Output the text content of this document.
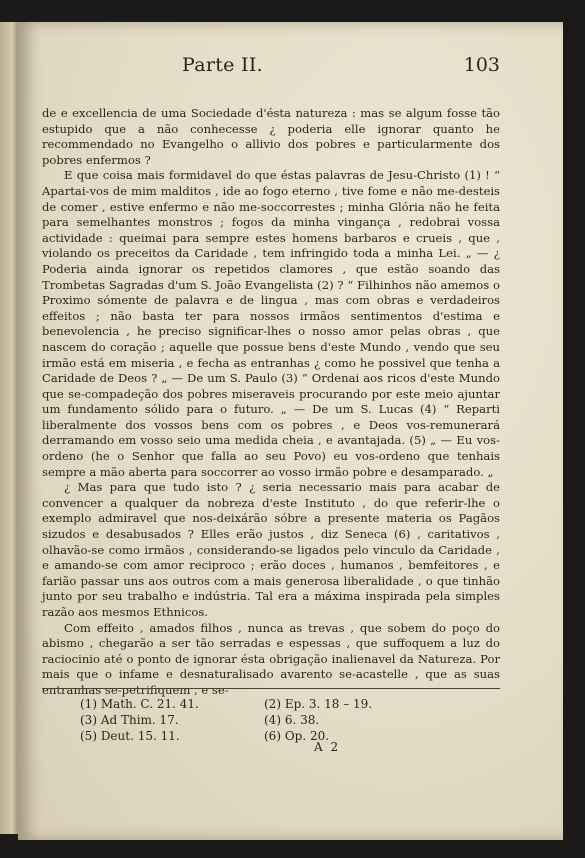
Parte II.	103

de e excellencia de uma Sociedade d'ésta natureza : mas se algum fosse tão estupido que a não conhecesse ¿ poderia elle ignorar quanto he recommendado no Evangelho o allivio dos pobres e particularmente dos pobres enfermos ?

E que coisa mais formidavel do que éstas palavras de Jesu-Christo (1) ! “ Apartai-vos de mim malditos , ide ao fogo eterno , tive fome e não me-desteis de comer , estive enfermo e não me-soccorrestes ; minha Glória não he feita para semelhantes monstros ; fogos da minha vingança , redobrai vossa actividade : queimai para sempre estes homens barbaros e crueis , que , violando os preceitos da Caridade , tem infringido toda a minha Lei. „ — ¿ Poderia ainda ignorar os repetidos clamores , que estão soando das Trombetas Sagradas d'um S. João Evangelista (2) ? “ Filhinhos não amemos o Proximo sómente de palavra e de lingua , mas com obras e verdadeiros effeitos ; não basta ter para nossos irmãos sentimentos d'estima e benevolencia , he preciso significar-lhes o nosso amor pelas obras , que nascem do coração ; aquelle que possue bens d'este Mundo , vendo que seu irmão está em miseria , e fecha as entranhas ¿ como he possivel que tenha a Caridade de Deos ? „ — De um S. Paulo (3) “ Ordenai aos ricos d'este Mundo que se-compadeção dos pobres miseraveis procurando por este meio ajuntar um fundamento sólido para o futuro. „ — De um S. Lucas (4) “ Reparti liberalmente dos vossos bens com os pobres , e Deos vos-remunerará derramando em vosso seio uma medida cheia , e avantajada. (5) „ — Eu vos-ordeno (he o Senhor que falla ao seu Povo) eu vos-ordeno que tenhais sempre a mão aberta para soccorrer ao vosso irmão pobre e desamparado. „

¿ Mas para que tudo isto ? ¿ seria necessario mais para acabar de convencer a qualquer da nobreza d'este Instituto , do que referir-lhe o exemplo admiravel que nos-deixárão sóbre a presente materia os Pagãos sizudos e desabusados ? Elles erão justos , diz Seneca (6) , caritativos , olhavão-se como irmãos , considerando-se ligados pelo vinculo da Caridade , e amando-se com amor reciproco ; erão doces , humanos , bemfeitores , e farião passar uns aos outros com a mais generosa liberalidade , o que tinhão junto por seu trabalho e indústria. Tal era a máxima inspirada pela simples razão aos mesmos Ethnicos.

Com effeito , amados filhos , nunca as trevas , que sobem do poço do abismo , chegarão a ser tão serradas e espessas , que suffoquem a luz do raciocinio até o ponto de ignorar ésta obrigação inalienavel da Natureza. Por mais que o infame e desnaturalisado avarento se-acastelle , que as suas entranhas se-petrifiquem , e se-

(1) Math. C. 21. 41.	(2) Ep. 3. 18 – 19.
(3) Ad Thim. 17.	(4) 6. 38.
(5) Deut. 15. 11.	(6) Op. 20.
A 2
